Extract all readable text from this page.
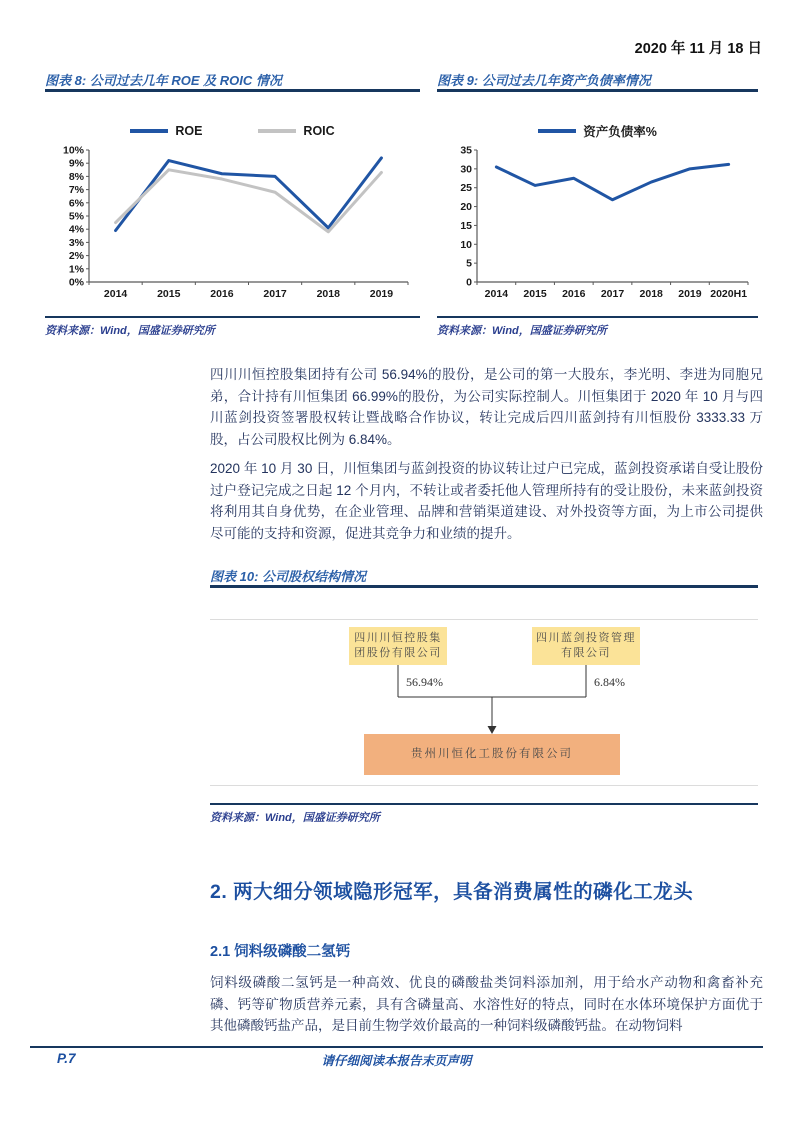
2020 年 11 月 18 日
图表 8: 公司过去几年 ROE 及 ROIC 情况
ROE	ROIC
0%
1%
2%
3%
4%
5%
6%
7%
8%
9%
10%
2014	2015	2016	2017	2018	2019
资料来源：Wind，国盛证券研究所
图表 9: 公司过去几年资产负债率情况
资产负债率%
0
5
10
15
20
25
30
35
2014 2015 2016 2017 2018 2019 2020H1
资料来源：Wind，国盛证券研究所
四川川恒控股集团持有公司 56.94%的股份，是公司的第一大股东，李光明、李进为同胞兄弟，合计持有川恒集团 66.99%的股份，为公司实际控制人。川恒集团于 2020 年 10 月与四川蓝剑投资签署股权转让暨战略合作协议，转让完成后四川蓝剑持有川恒股份 3333.33 万股，占公司股权比例为 6.84%。
2020 年 10 月 30 日，川恒集团与蓝剑投资的协议转让过户已完成，蓝剑投资承诺自受让股份过户登记完成之日起 12 个月内，不转让或者委托他人管理所持有的受让股份，未来蓝剑投资将利用其自身优势，在企业管理、品牌和营销渠道建设、对外投资等方面，为上市公司提供尽可能的支持和资源，促进其竞争力和业绩的提升。
图表 10: 公司股权结构情况
四川川恒控股集团股份有限公司
四川蓝剑投资管理有限公司
56.94%	6.84%
贵州川恒化工股份有限公司
资料来源：Wind，国盛证券研究所
2. 两大细分领域隐形冠军，具备消费属性的磷化工龙头
2.1 饲料级磷酸二氢钙
饲料级磷酸二氢钙是一种高效、优良的磷酸盐类饲料添加剂，用于给水产动物和禽畜补充磷、钙等矿物质营养元素，具有含磷量高、水溶性好的特点，同时在水体环境保护方面优于其他磷酸钙盐产品，是目前生物学效价最高的一种饲料级磷酸钙盐。在动物饲料
P.7	请仔细阅读本报告末页声明
